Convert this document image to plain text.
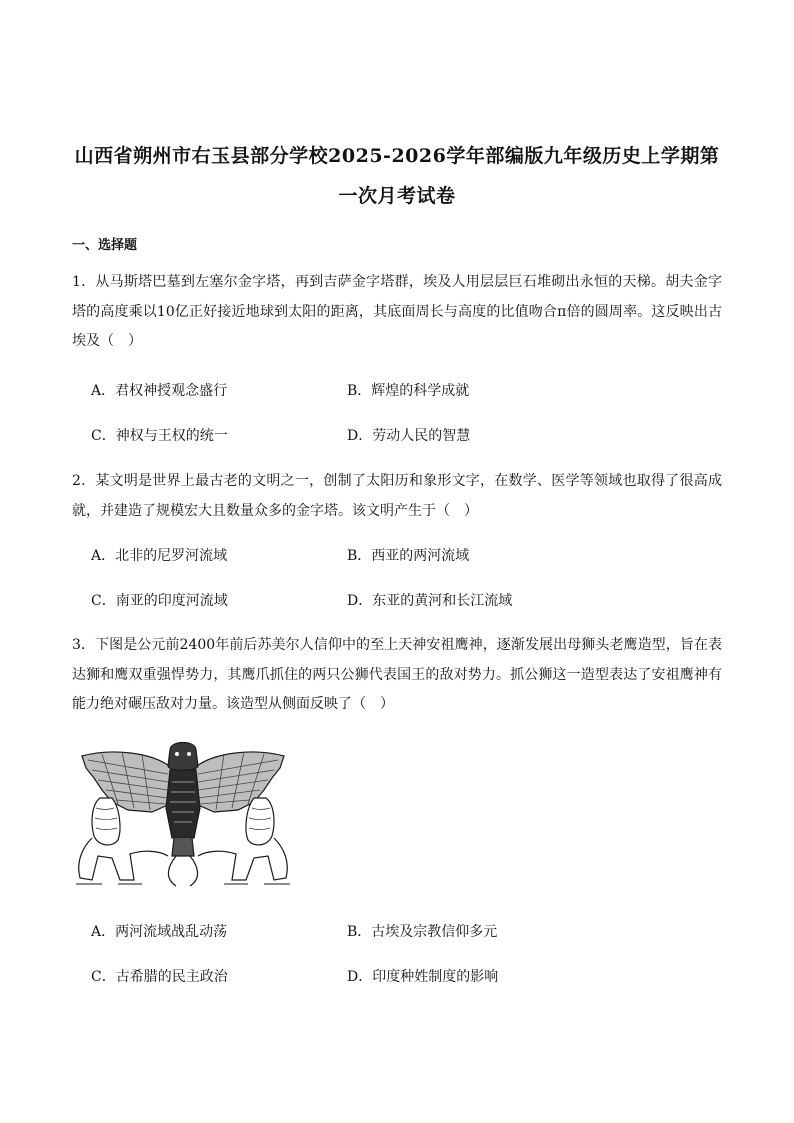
山西省朔州市右玉县部分学校2025-2026学年部编版九年级历史上学期第
一次月考试卷
一、选择题
1．从马斯塔巴墓到左塞尔金字塔，再到吉萨金字塔群，埃及人用层层巨石堆砌出永恒的天梯。胡夫金字塔的高度乘以10亿正好接近地球到太阳的距离，其底面周长与高度的比值吻合π倍的圆周率。这反映出古埃及（　）
A．君权神授观念盛行	B．辉煌的科学成就
C．神权与王权的统一	D．劳动人民的智慧
2．某文明是世界上最古老的文明之一，创制了太阳历和象形文字，在数学、医学等领域也取得了很高成就，并建造了规模宏大且数量众多的金字塔。该文明产生于（　）
A．北非的尼罗河流域	B．西亚的两河流域
C．南亚的印度河流域	D．东亚的黄河和长江流域
3．下图是公元前2400年前后苏美尔人信仰中的至上天神安祖鹰神，逐渐发展出母狮头老鹰造型，旨在表达狮和鹰双重强悍势力，其鹰爪抓住的两只公狮代表国王的敌对势力。抓公狮这一造型表达了安祖鹰神有能力绝对碾压敌对力量。该造型从侧面反映了（　）
A．两河流域战乱动荡	B．古埃及宗教信仰多元
C．古希腊的民主政治	D．印度种姓制度的影响
